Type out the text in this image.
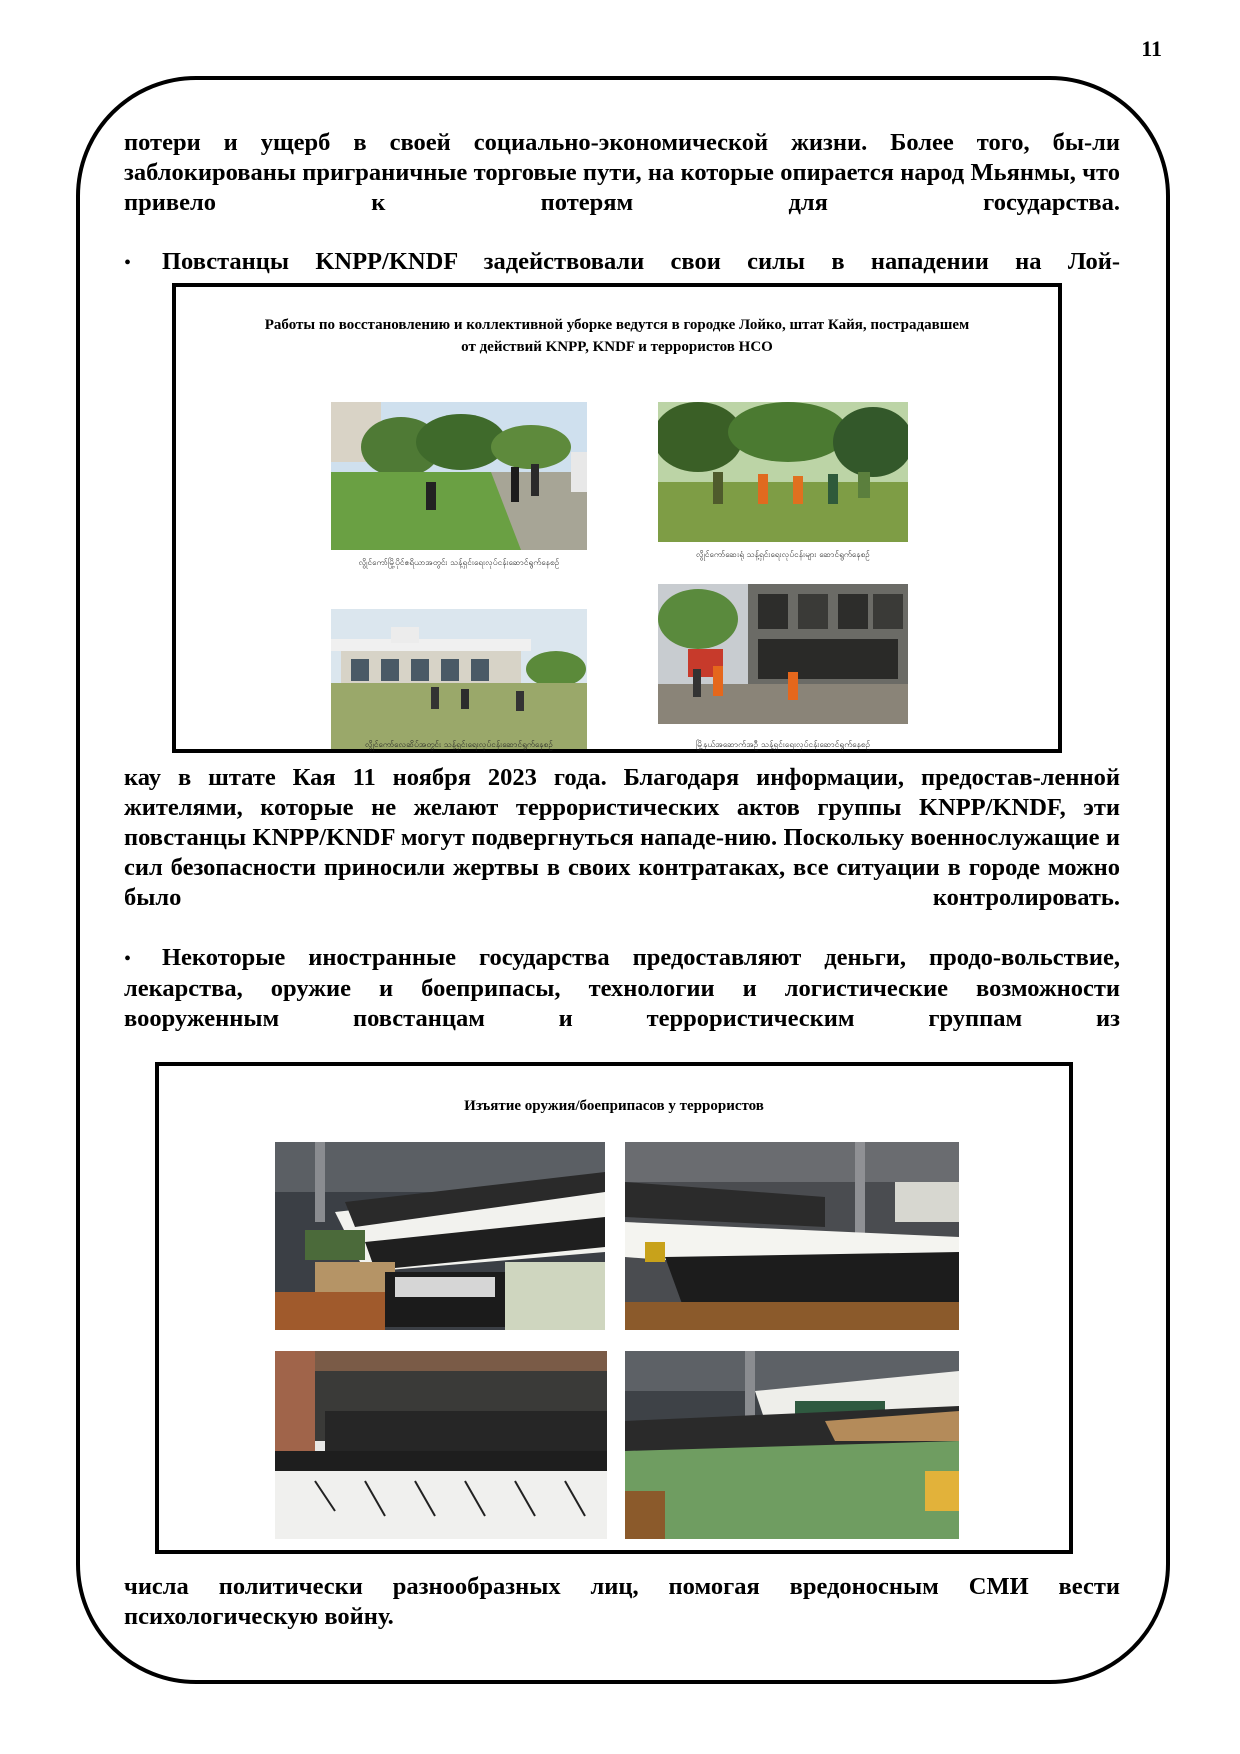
11

потери и ущерб в своей социально-экономической жизни. Более того, бы-ли заблокированы приграничные торговые пути, на которые опирается народ Мьянмы, что привело к потерям для государства.

• Повстанцы KNPP/KNDF задействовали свои силы в нападении на Лой-

Работы по восстановлению и коллективной уборке ведутся в городке Лойко, штат Кайя, пострадавшем
от действий KNPP, KNDF и террористов НСО
လွိုင်ကော်မြို့ပိုင်ဧရိယာအတွင်း သန့်ရှင်းရေးလုပ်ငန်းဆောင်ရွက်နေစဉ်
လွိုင်ကော်ဆေးရုံ သန့်ရှင်းရေးလုပ်ငန်းများ ဆောင်ရွက်နေစဉ်
လွိုင်ကော်လေဆိပ်အတွင်း သန့်ရှင်းရေးလုပ်ငန်းဆောင်ရွက်နေစဉ်	မြို့နယ်အဆောက်အဦ သန့်ရှင်းရေးလုပ်ငန်းဆောင်ရွက်နေစဉ်

кау в штате Кая 11 ноября 2023 года. Благодаря информации, предостав-ленной жителями, которые не желают террористических актов группы KNPP/KNDF, эти повстанцы KNPP/KNDF могут подвергнуться нападе-нию. Поскольку военнослужащие и сил безопасности приносили жертвы в своих контратаках, все ситуации в городе можно было контролировать.

• Некоторые иностранные государства предоставляют деньги, продо-вольствие, лекарства, оружие и боеприпасы, технологии и логистические возможности вооруженным повстанцам и террористическим группам из

Изъятие оружия/боеприпасов у террористов

числа политически разнообразных лиц, помогая вредоносным СМИ вести психологическую войну.
